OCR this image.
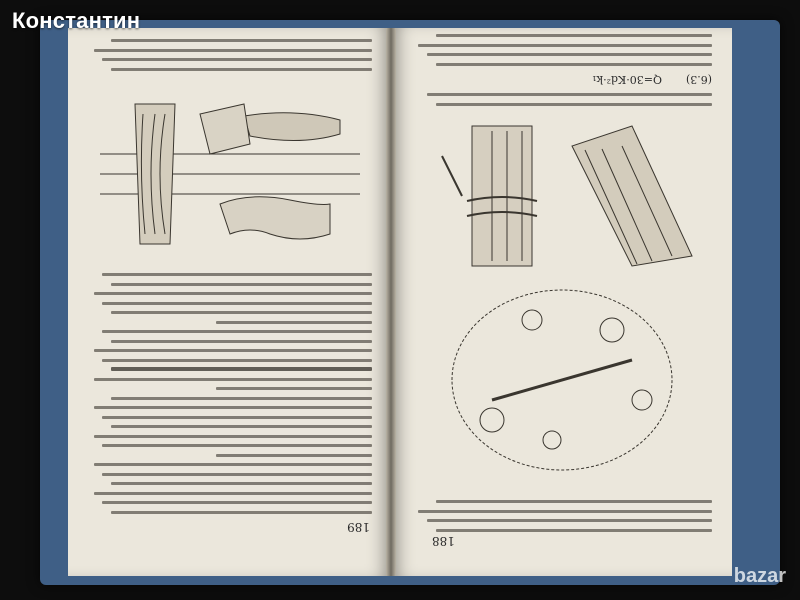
189
188
Q=30·Kd²·k₁ (6.3)
Константин
bazar
